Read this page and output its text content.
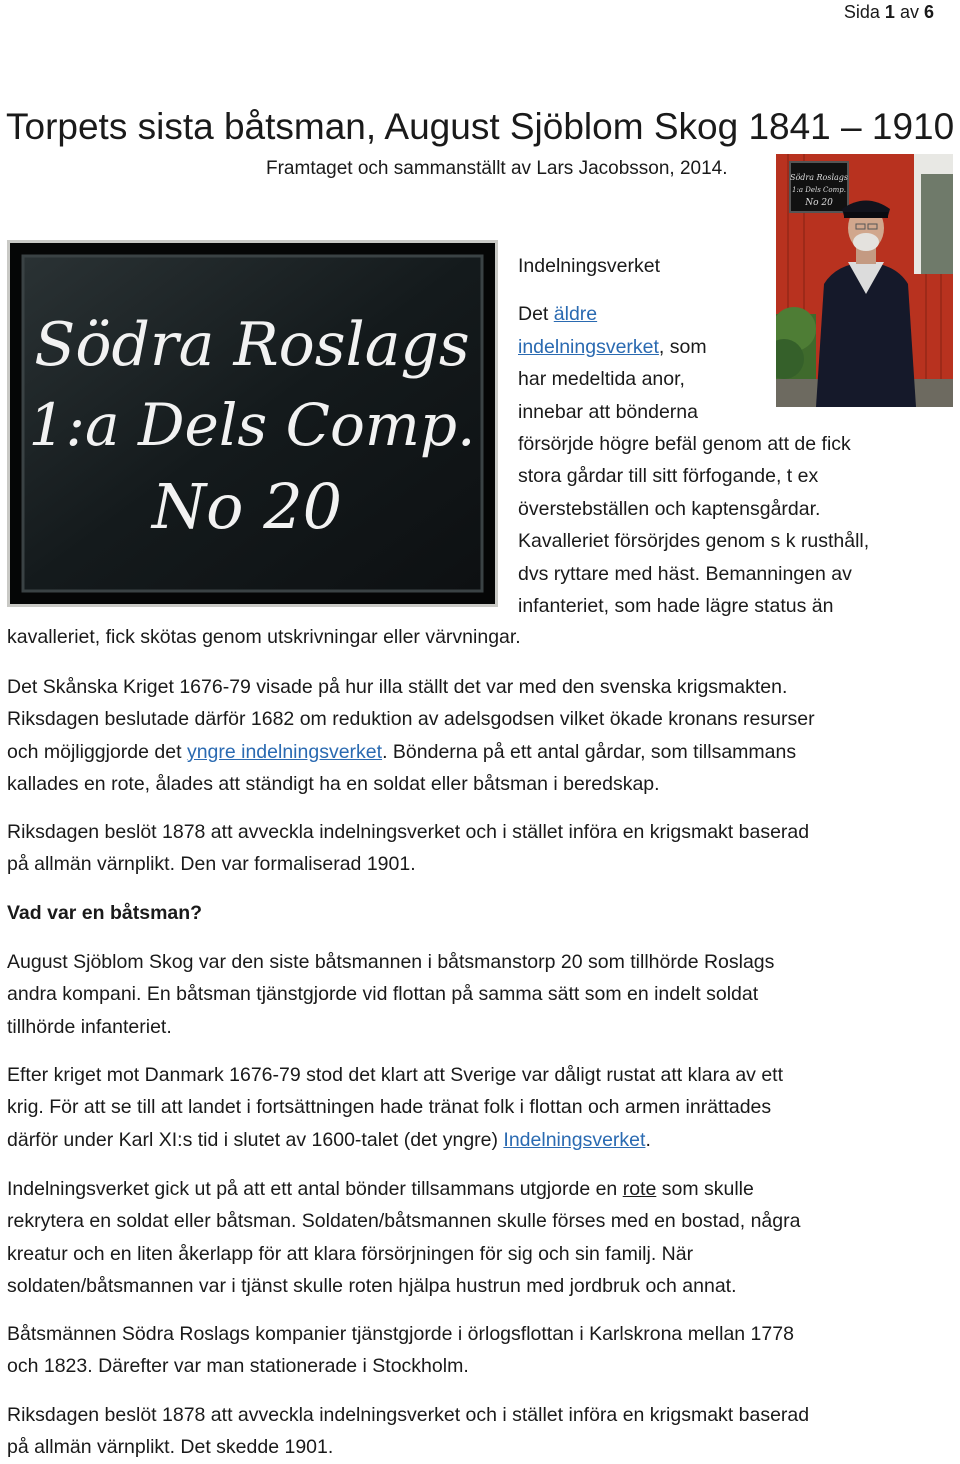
Sida 1 av 6
Torpets sista båtsman, August Sjöblom Skog 1841 – 1910
Framtaget och sammanställt av Lars Jacobsson, 2014.
Södra Roslags
1:a Dels Comp.
No 20
Södra Roslags
1:a Dels Comp.
No 20
Indelningsverket
Det äldre
indelningsverket, som
har medeltida anor,
innebar att bönderna
försörjde högre befäl genom att de fick
stora gårdar till sitt förfogande, t ex
överstebställen och kaptensgårdar.
Kavalleriet försörjdes genom s k rusthåll,
dvs ryttare med häst. Bemanningen av
infanteriet, som hade lägre status än
kavalleriet, fick skötas genom utskrivningar eller värvningar.
Det Skånska Kriget 1676-79 visade på hur illa ställt det var med den svenska krigsmakten.
Riksdagen beslutade därför 1682 om reduktion av adelsgodsen vilket ökade kronans resurser
och möjliggjorde det yngre indelningsverket. Bönderna på ett antal gårdar, som tillsammans
kallades en rote, ålades att ständigt ha en soldat eller båtsman i beredskap.
Riksdagen beslöt 1878 att avveckla indelningsverket och i stället införa en krigsmakt baserad
på allmän värnplikt. Den var formaliserad 1901.
Vad var en båtsman?
August Sjöblom Skog var den siste båtsmannen i båtsmanstorp 20 som tillhörde Roslags
andra kompani. En båtsman tjänstgjorde vid flottan på samma sätt som en indelt soldat
tillhörde infanteriet.
Efter kriget mot Danmark 1676-79 stod det klart att Sverige var dåligt rustat att klara av ett
krig. För att se till att landet i fortsättningen hade tränat folk i flottan och armen inrättades
därför under Karl XI:s tid i slutet av 1600-talet (det yngre) Indelningsverket.
Indelningsverket gick ut på att ett antal bönder tillsammans utgjorde en rote som skulle
rekrytera en soldat eller båtsman. Soldaten/båtsmannen skulle förses med en bostad, några
kreatur och en liten åkerlapp för att klara försörjningen för sig och sin familj. När
soldaten/båtsmannen var i tjänst skulle roten hjälpa hustrun med jordbruk och annat.
Båtsmännen Södra Roslags kompanier tjänstgjorde i örlogsflottan i Karlskrona mellan 1778
och 1823. Därefter var man stationerade i Stockholm.
Riksdagen beslöt 1878 att avveckla indelningsverket och i stället införa en krigsmakt baserad
på allmän värnplikt. Det skedde 1901.
